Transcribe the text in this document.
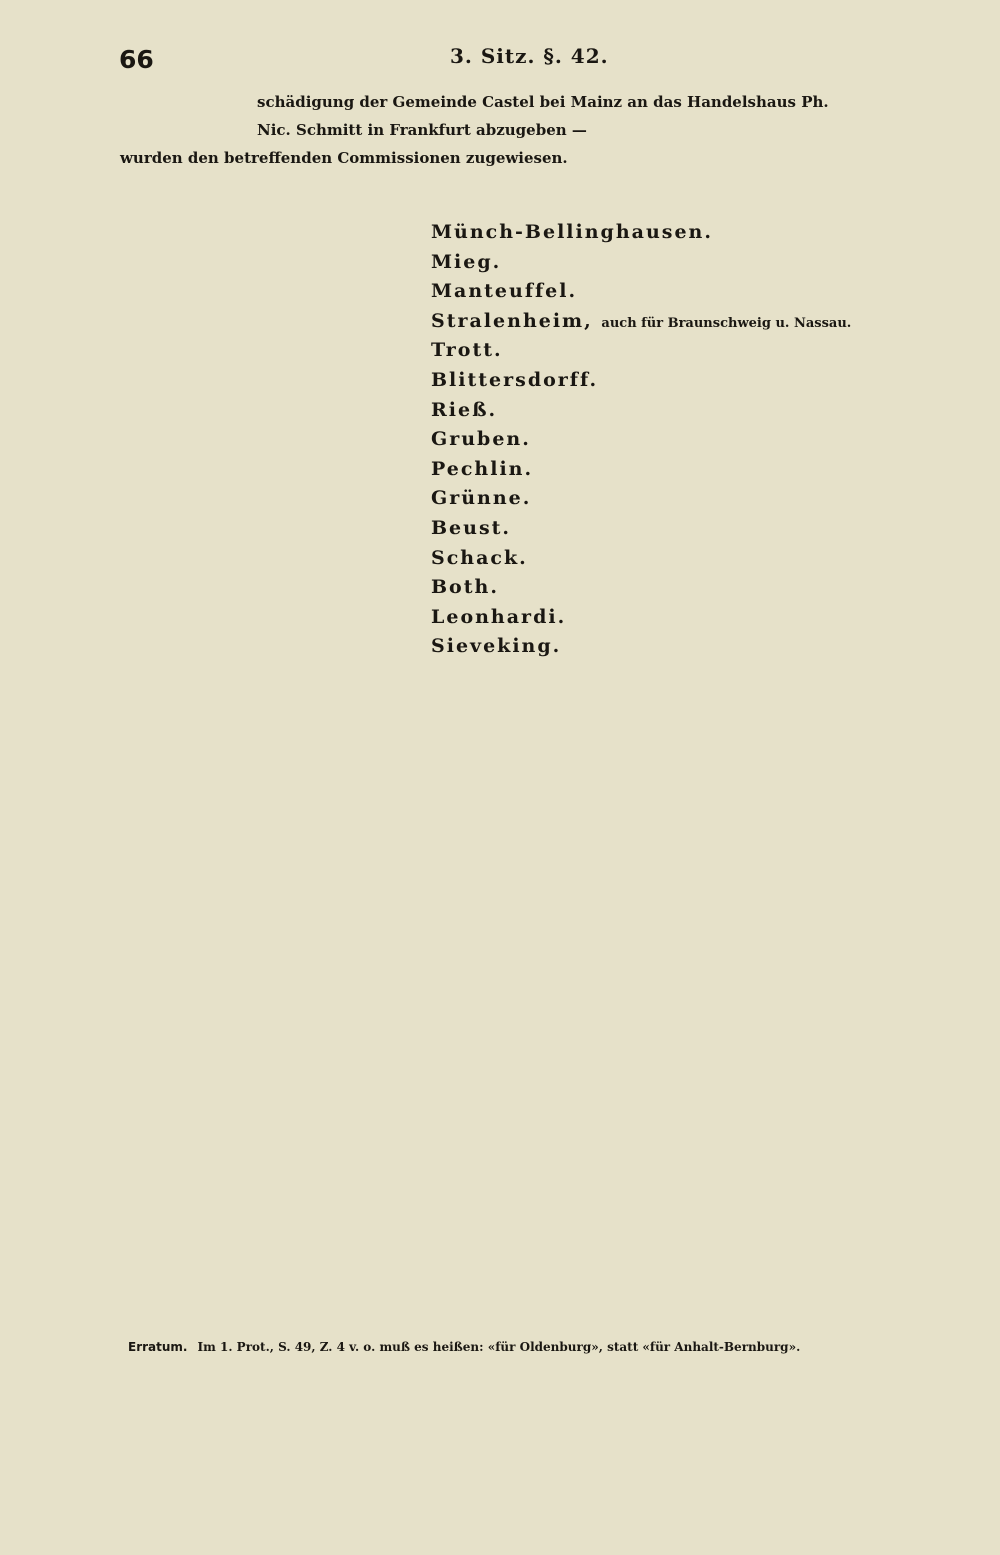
66	3. Sitz. §. 42.
schädigung der Gemeinde Castel bei Mainz an das Handelshaus Ph.
Nic. Schmitt in Frankfurt abzugeben —
wurden den betreffenden Commissionen zugewiesen.
Münch-Bellinghausen.
Mieg.
Manteuffel.
Stralenheim, auch für Braunschweig u. Nassau.
Trott.
Blittersdorff.
Rieß.
Gruben.
Pechlin.
Grünne.
Beust.
Schack.
Both.
Leonhardi.
Sieveking.
Erratum. Im 1. Prot., S. 49, Z. 4 v. o. muß es heißen: «für Oldenburg», statt «für Anhalt-Bernburg».
